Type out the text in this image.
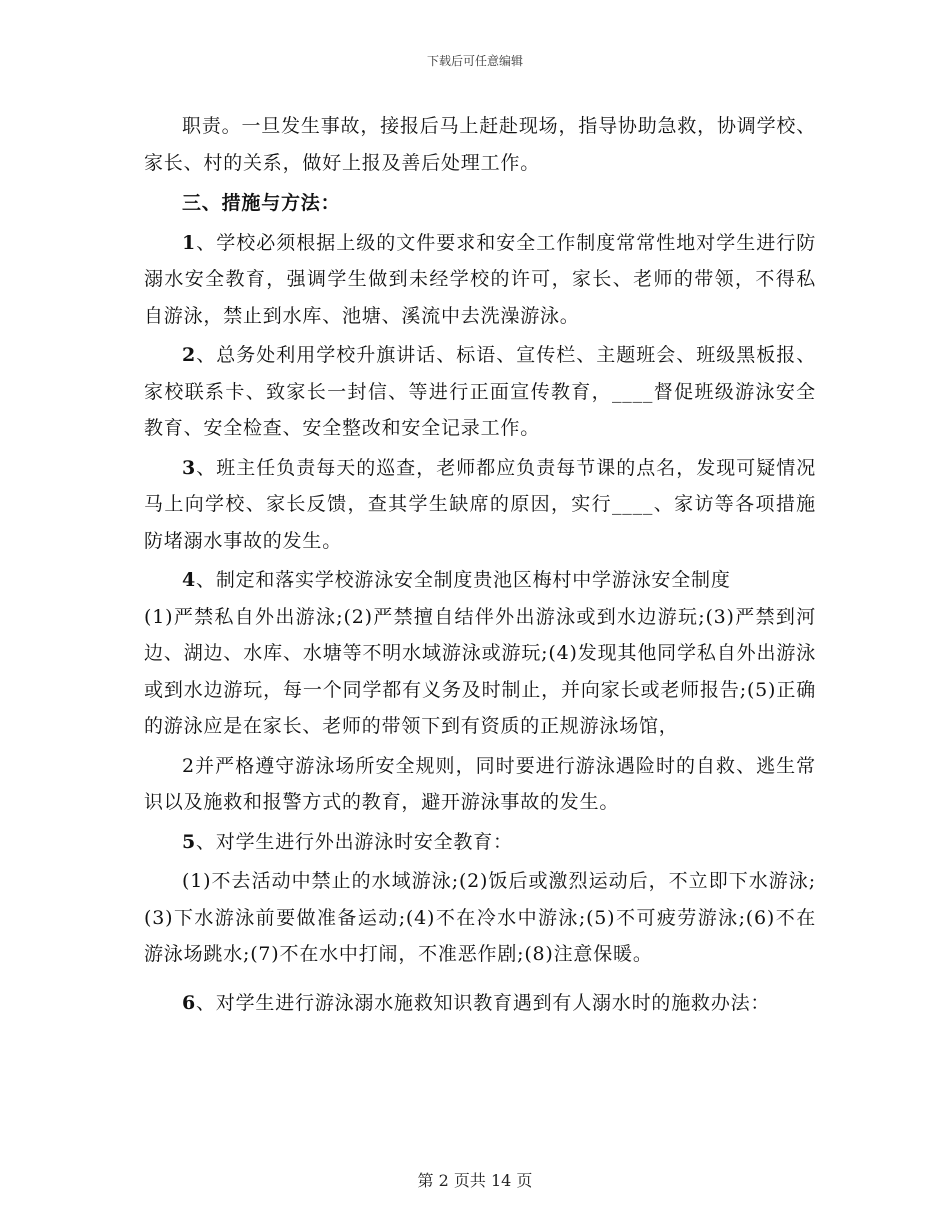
下载后可任意编辑

职责。一旦发生事故，接报后马上赶赴现场，指导协助急救，协调学校、家长、村的关系，做好上报及善后处理工作。

三、措施与方法：

1、学校必须根据上级的文件要求和安全工作制度常常性地对学生进行防溺水安全教育，强调学生做到未经学校的许可，家长、老师的带领，不得私自游泳，禁止到水库、池塘、溪流中去洗澡游泳。

2、总务处利用学校升旗讲话、标语、宣传栏、主题班会、班级黑板报、家校联系卡、致家长一封信、等进行正面宣传教育，____督促班级游泳安全教育、安全检查、安全整改和安全记录工作。

3、班主任负责每天的巡查，老师都应负责每节课的点名，发现可疑情况马上向学校、家长反馈，查其学生缺席的原因，实行____、家访等各项措施防堵溺水事故的发生。

4、制定和落实学校游泳安全制度贵池区梅村中学游泳安全制度

(1)严禁私自外出游泳;(2)严禁擅自结伴外出游泳或到水边游玩;(3)严禁到河边、湖边、水库、水塘等不明水域游泳或游玩;(4)发现其他同学私自外出游泳或到水边游玩，每一个同学都有义务及时制止，并向家长或老师报告;(5)正确的游泳应是在家长、老师的带领下到有资质的正规游泳场馆，

2并严格遵守游泳场所安全规则，同时要进行游泳遇险时的自救、逃生常识以及施救和报警方式的教育，避开游泳事故的发生。

5、对学生进行外出游泳时安全教育：

(1)不去活动中禁止的水域游泳;(2)饭后或激烈运动后，不立即下水游泳;(3)下水游泳前要做准备运动;(4)不在冷水中游泳;(5)不可疲劳游泳;(6)不在游泳场跳水;(7)不在水中打闹，不准恶作剧;(8)注意保暖。

6、对学生进行游泳溺水施救知识教育遇到有人溺水时的施救办法：

第 2 页共 14 页
